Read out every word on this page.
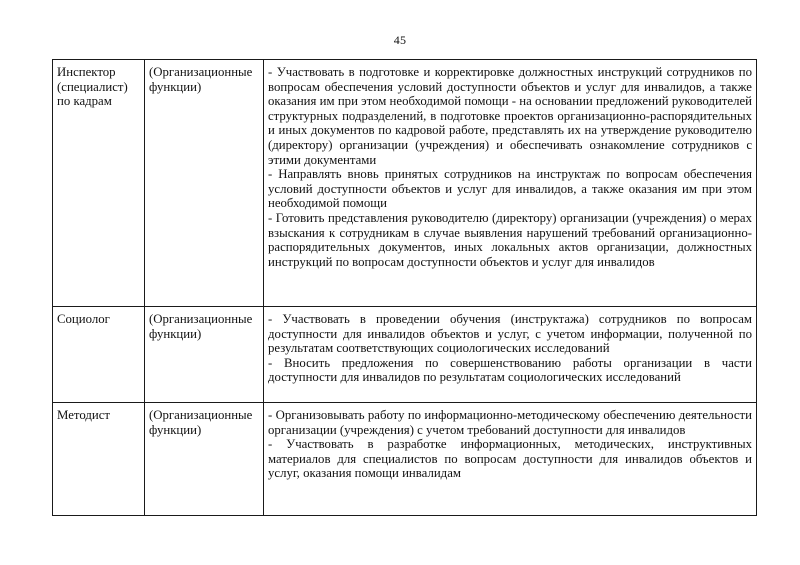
45
Инспектор (специалист) по кадрам	(Организационные функции)	- Участвовать в подготовке и корректировке должностных инструкций сотрудников по вопросам обеспечения условий доступности объектов и услуг для инвалидов, а также оказания им при этом необходимой помощи - на основании предложений руководителей структурных подразделений, в подготовке проектов организационно-распорядительных и иных документов по кадровой работе, представлять их на утверждение руководителю (директору) организации (учреждения) и обеспечивать ознакомление сотрудников с этими документами
- Направлять вновь принятых сотрудников на инструктаж по вопросам обеспечения условий доступности объектов и услуг для инвалидов, а также оказания им при этом необходимой помощи
- Готовить представления руководителю (директору) организации (учреждения) о мерах взыскания к сотрудникам в случае выявления нарушений требований организационно-распорядительных документов, иных локальных актов организации, должностных инструкций по вопросам доступности объектов и услуг для инвалидов

Социолог	(Организационные функции)	- Участвовать в проведении обучения (инструктажа) сотрудников по вопросам доступности для инвалидов объектов и услуг, с учетом информации, полученной по результатам соответствующих социологических исследований
- Вносить предложения по совершенствованию работы организации в части доступности для инвалидов по результатам социологических исследований

Методист	(Организационные функции)	- Организовывать работу по информационно-методическому обеспечению деятельности организации (учреждения) с учетом требований доступности для инвалидов
- Участвовать в разработке информационных, методических, инструктивных материалов для специалистов по вопросам доступности для инвалидов объектов и услуг, оказания помощи инвалидам
